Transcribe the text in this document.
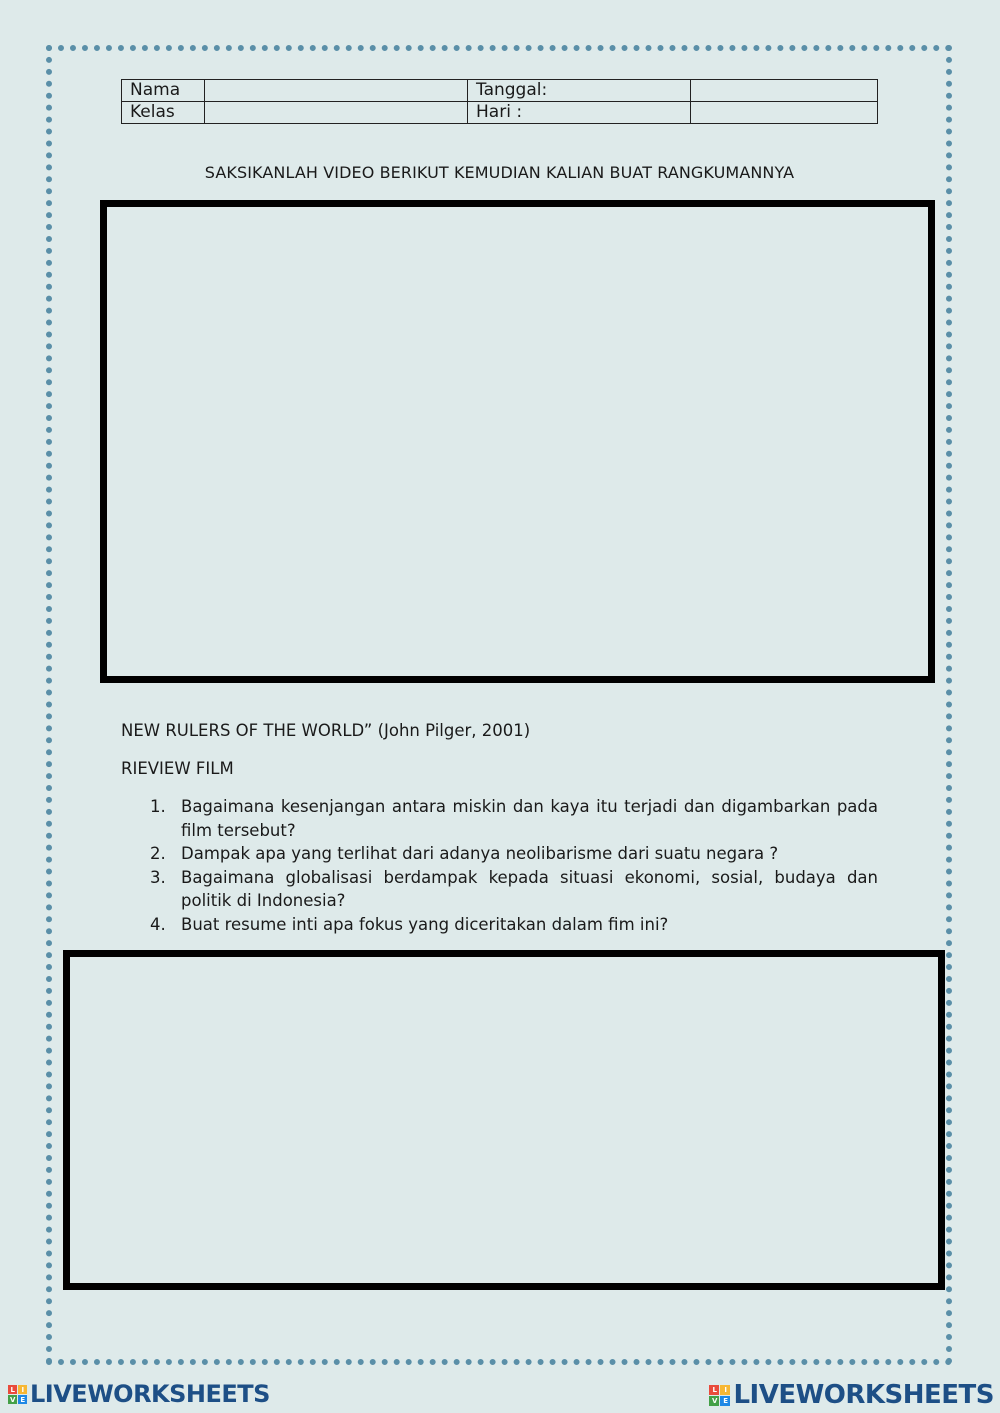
Nama		Tanggal:	
Kelas		Hari :	
SAKSIKANLAH VIDEO BERIKUT KEMUDIAN KALIAN BUAT RANGKUMANNYA
NEW RULERS OF THE WORLD” (John Pilger, 2001)
RIEVIEW FILM
1. Bagaimana kesenjangan antara miskin dan kaya itu terjadi dan digambarkan pada film tersebut?
2. Dampak apa yang terlihat dari adanya neolibarisme dari suatu negara ?
3. Bagaimana globalisasi berdampak kepada situasi ekonomi, sosial, budaya dan politik di Indonesia?
4. Buat resume inti apa fokus yang diceritakan dalam fim ini?
L I
V E LIVEWORKSHEETS	L	I
V E LIVEWORKSHEETS
